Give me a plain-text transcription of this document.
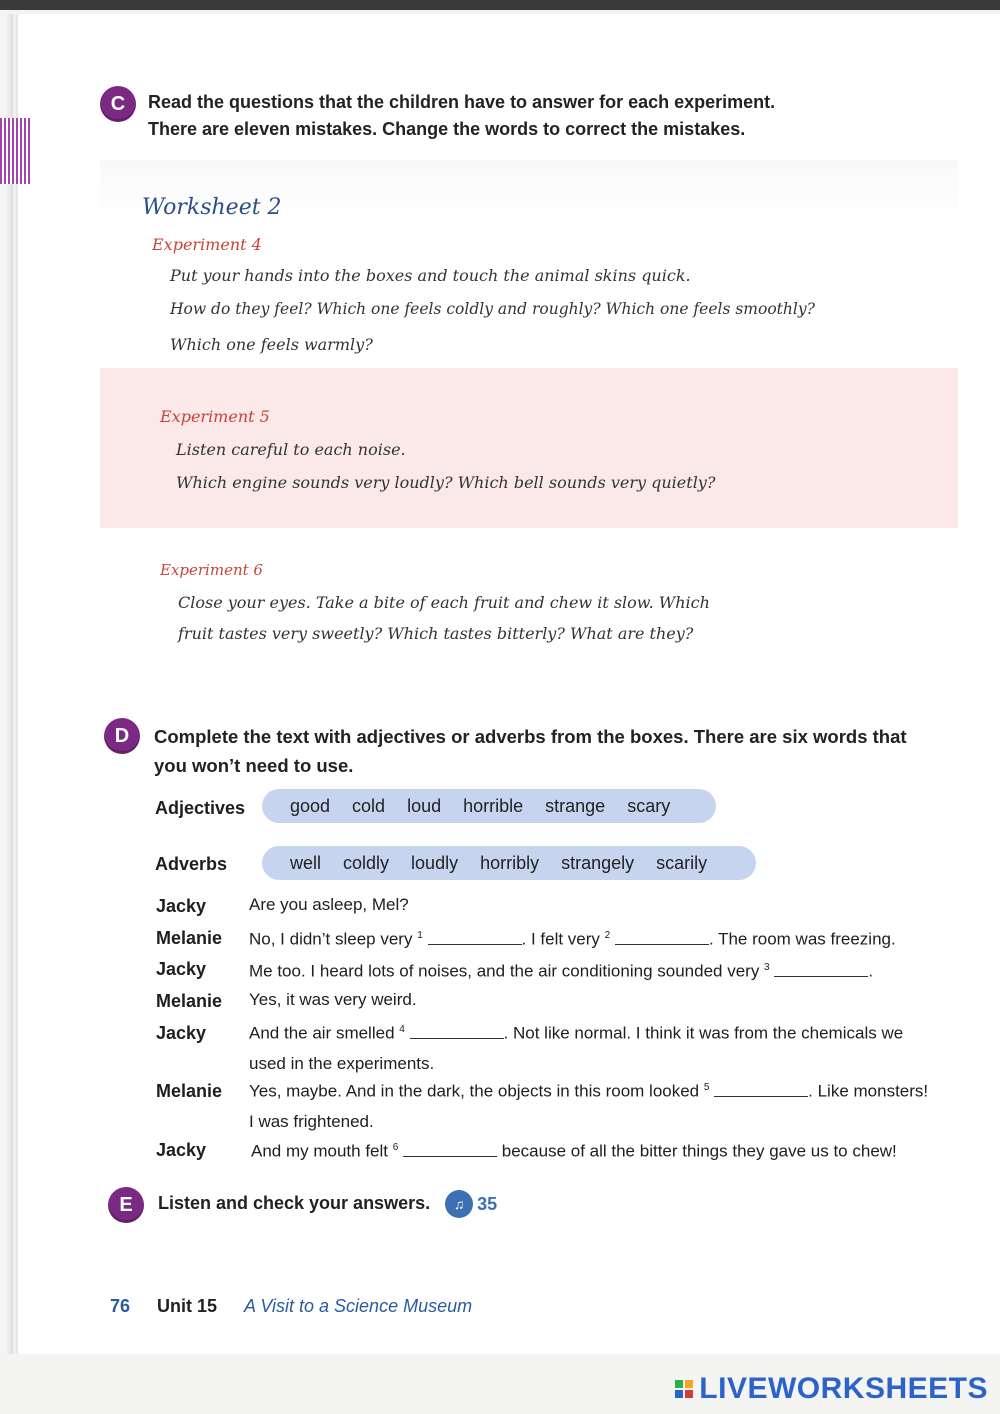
C	Read the questions that the children have to answer for each experiment.
There are eleven mistakes. Change the words to correct the mistakes.
Worksheet 2
Experiment 4
Put your hands into the boxes and touch the animal skins quick.
How do they feel? Which one feels coldly and roughly? Which one feels smoothly?
Which one feels warmly?
Experiment 5
Listen careful to each noise.
Which engine sounds very loudly? Which bell sounds very quietly?
Experiment 6
Close your eyes. Take a bite of each fruit and chew it slow. Which
fruit tastes very sweetly? Which tastes bitterly? What are they?
D	Complete the text with adjectives or adverbs from the boxes. There are six words that
you won’t need to use.
Adjectives good cold loud horrible strange scary
Adverbs	well coldly loudly horribly strangely scarily
Jacky	Are you asleep, Mel?
Melanie No, I didn’t sleep very $^1$	. I felt very $^2$	. The room was freezing.
Jacky	Me too. I heard lots of noises, and the air conditioning sounded very $^3$	.
Melanie Yes, it was very weird.
Jacky	And the air smelled $^4$	. Not like normal. I think it was from the chemicals we
used in the experiments.
Melanie Yes, maybe. And in the dark, the objects in this room looked $^5$	. Like monsters!
I was frightened.
Jacky	And my mouth felt $^6$	because of all the bitter things they gave us to chew!
E	Listen and check your answers. ♫ 35
76 Unit 15 A Visit to a Science Museum
LIVEWORKSHEETS
